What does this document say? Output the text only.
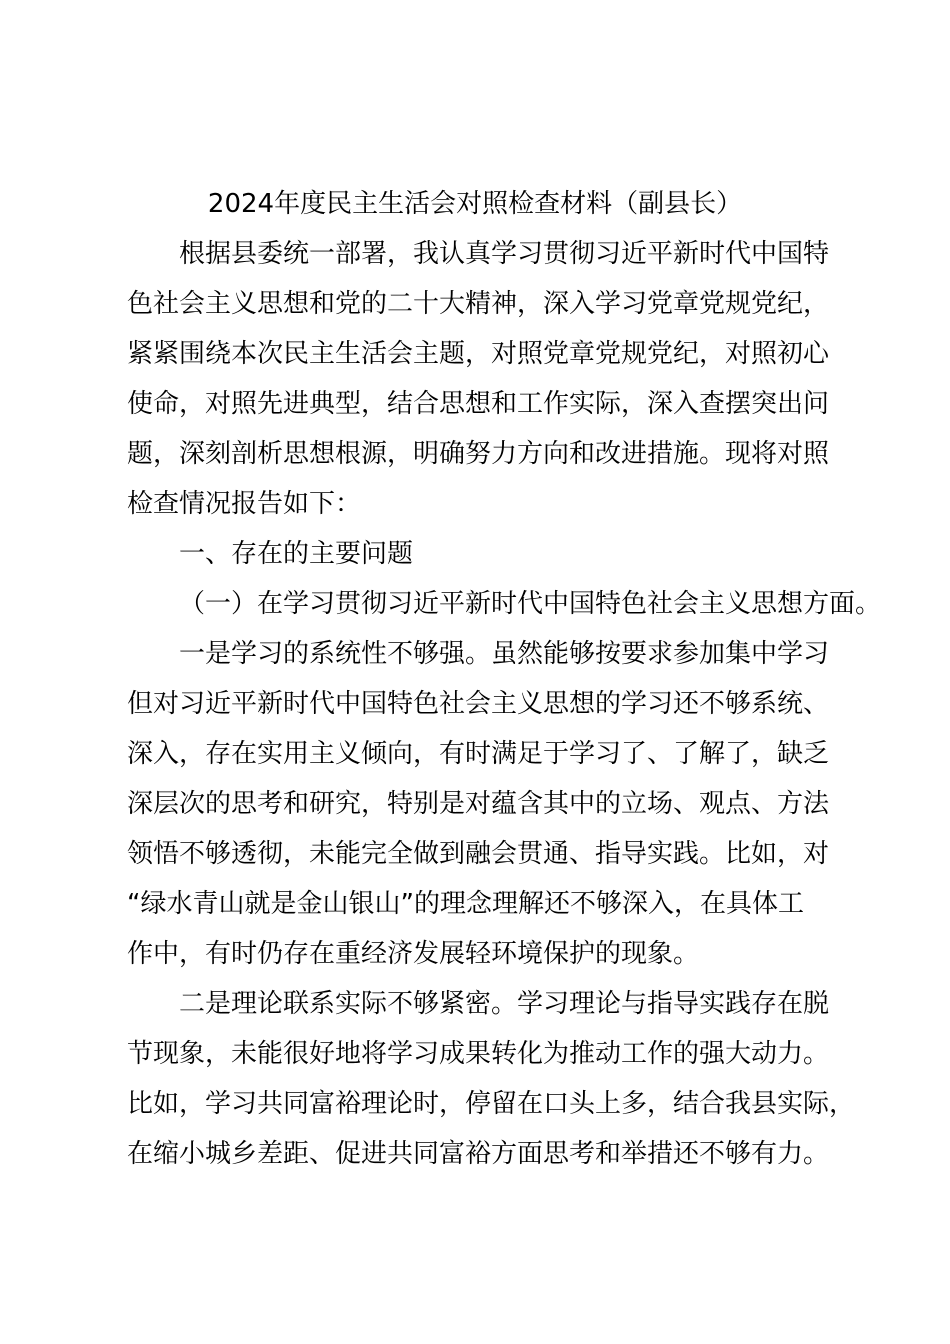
2024年度民主生活会对照检查材料（副县长）
根据县委统一部署，我认真学习贯彻习近平新时代中国特
色社会主义思想和党的二十大精神，深入学习党章党规党纪，
紧紧围绕本次民主生活会主题，对照党章党规党纪，对照初心
使命，对照先进典型，结合思想和工作实际，深入查摆突出问
题，深刻剖析思想根源，明确努力方向和改进措施。现将对照
检查情况报告如下：
一、存在的主要问题
（一）在学习贯彻习近平新时代中国特色社会主义思想方面。
一是学习的系统性不够强。虽然能够按要求参加集中学习
但对习近平新时代中国特色社会主义思想的学习还不够系统、
深入，存在实用主义倾向，有时满足于学习了、了解了，缺乏
深层次的思考和研究，特别是对蕴含其中的立场、观点、方法
领悟不够透彻，未能完全做到融会贯通、指导实践。比如，对
“绿水青山就是金山银山”的理念理解还不够深入，在具体工
作中，有时仍存在重经济发展轻环境保护的现象。
二是理论联系实际不够紧密。学习理论与指导实践存在脱
节现象，未能很好地将学习成果转化为推动工作的强大动力。
比如，学习共同富裕理论时，停留在口头上多，结合我县实际，
在缩小城乡差距、促进共同富裕方面思考和举措还不够有力。
